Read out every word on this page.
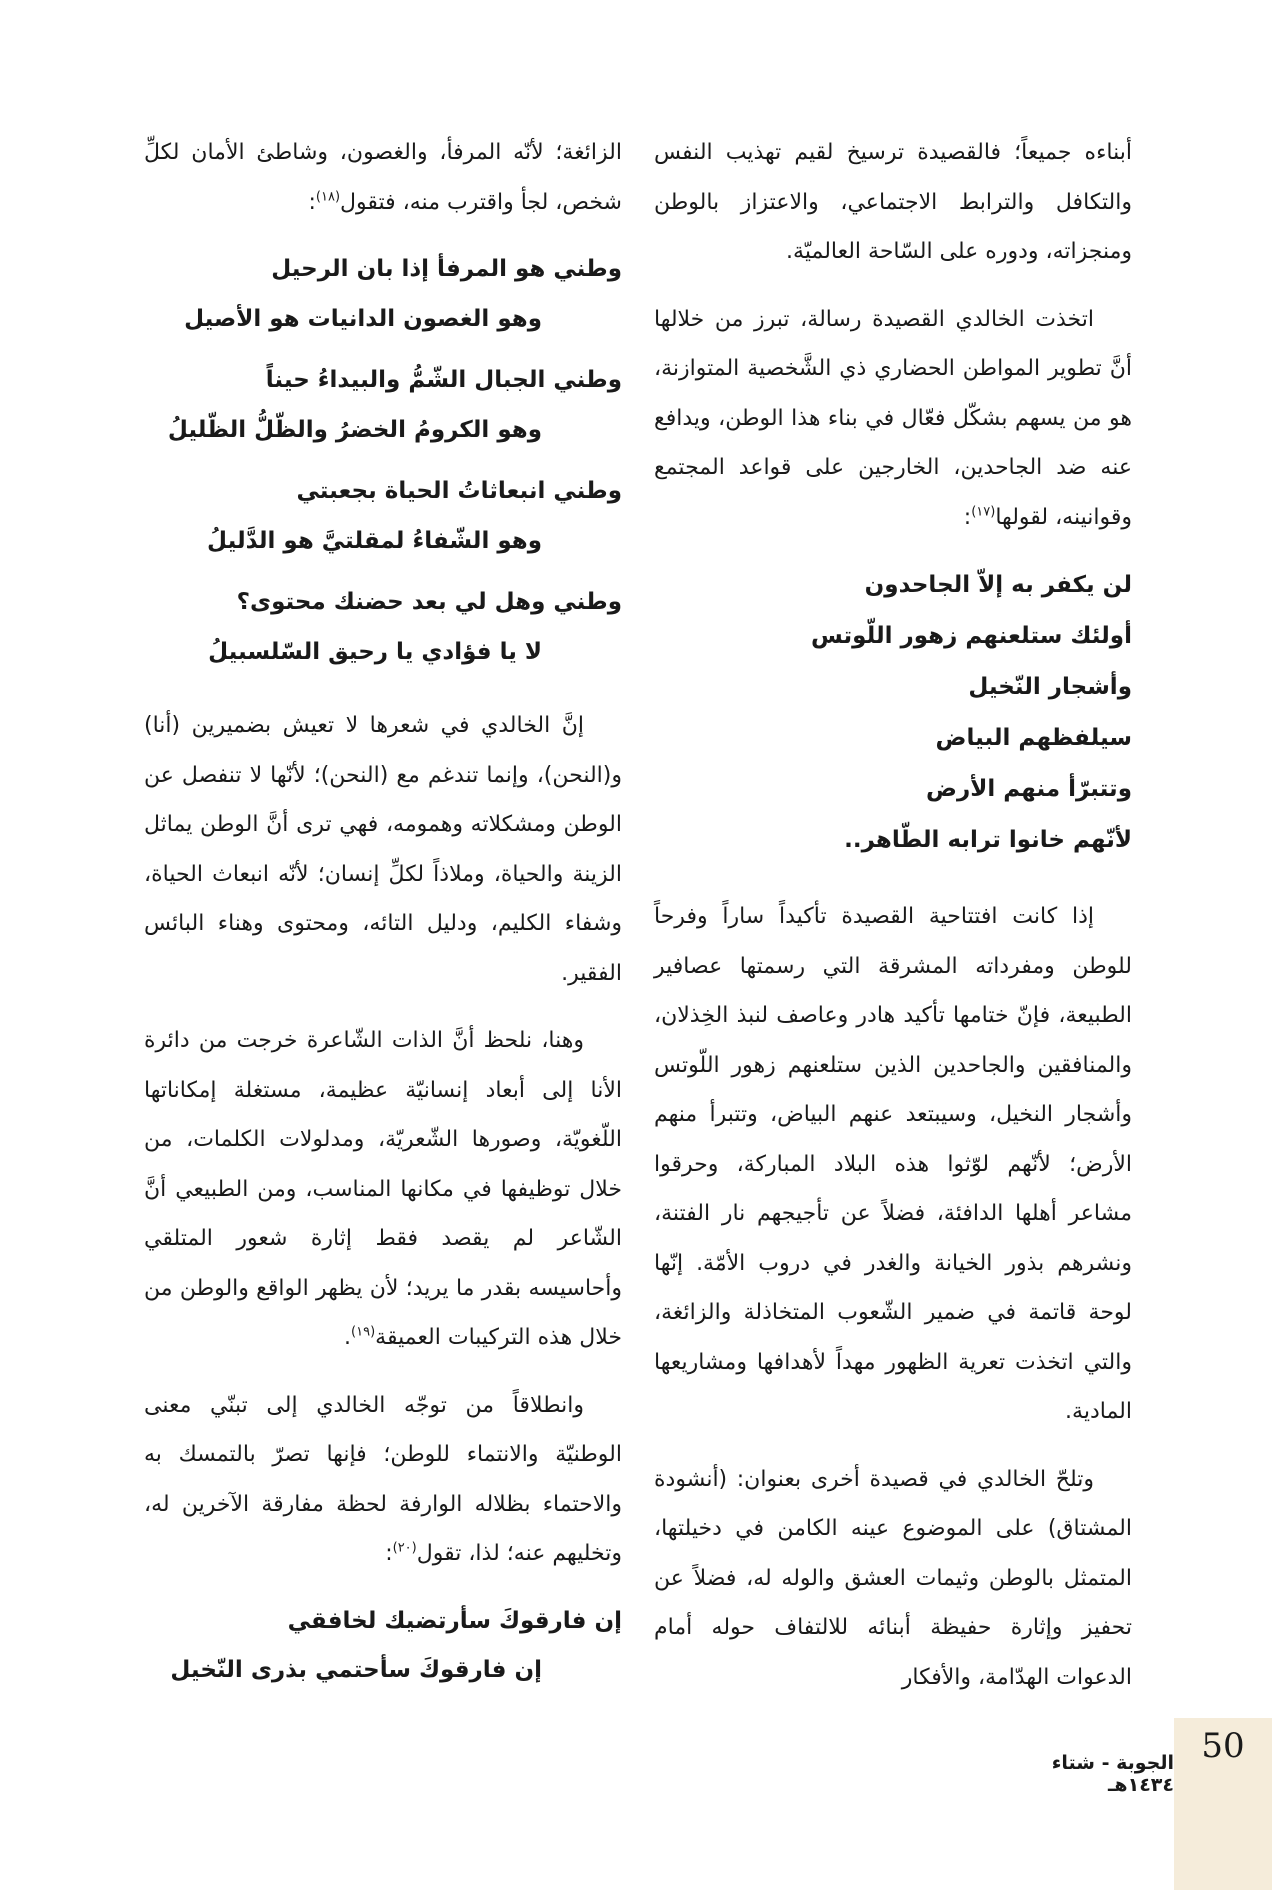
أبناءه جميعاً؛ فالقصيدة ترسيخ لقيم تهذيب النفس والتكافل والترابط الاجتماعي، والاعتزاز بالوطن ومنجزاته، ودوره على السّاحة العالميّة.

اتخذت الخالدي القصيدة رسالة، تبرز من خلالها أنَّ تطوير المواطن الحضاري ذي الشَّخصية المتوازنة، هو من يسهم بشكّل فعّال في بناء هذا الوطن، ويدافع عنه ضد الجاحدين، الخارجين على قواعد المجتمع وقوانينه، لقولها$^{(١٧)}$:

لن يكفر به إلاّ الجاحدون
أولئك ستلعنهم زهور اللّوتس
وأشجار النّخيل
سيلفظهم البياض
وتتبرّأ منهم الأرض
لأنّهم خانوا ترابه الطّاهر..

إذا كانت افتتاحية القصيدة تأكيداً ساراً وفرحاً للوطن ومفرداته المشرقة التي رسمتها عصافير الطبيعة، فإنّ ختامها تأكيد هادر وعاصف لنبذ الخِذلان، والمنافقين والجاحدين الذين ستلعنهم زهور اللّوتس وأشجار النخيل، وسيبتعد عنهم البياض، وتتبرأ منهم الأرض؛ لأنّهم لوّثوا هذه البلاد المباركة، وحرقوا مشاعر أهلها الدافئة، فضلاً عن تأجيجهم نار الفتنة، ونشرهم بذور الخيانة والغدر في دروب الأمّة. إنّها لوحة قاتمة في ضمير الشّعوب المتخاذلة والزائغة، والتي اتخذت تعرية الظهور مهداً لأهدافها ومشاريعها المادية.

وتلحّ الخالدي في قصيدة أخرى بعنوان: (أنشودة المشتاق) على الموضوع عينه الكامن في دخيلتها، المتمثل بالوطن وثيمات العشق والوله له، فضلاً عن تحفيز وإثارة حفيظة أبنائه للالتفاف حوله أمام الدعوات الهدّامة، والأفكار

الزائغة؛ لأنّه المرفأ، والغصون، وشاطئ الأمان لكلِّ شخص، لجأ واقترب منه، فتقول$^{(١٨)}$:

وطني هو المرفأ إذا بان الرحيل
وهو الغصون الدانيات هو الأصيل
وطني الجبال الشّمُّ والبيداءُ حيناً
وهو الكرومُ الخضرُ والظّلُّ الظّليلُ
وطني انبعاثاتُ الحياة بجعبتي
وهو الشّفاءُ لمقلتيَّ هو الدَّليلُ
وطني وهل لي بعد حضنك محتوى؟
لا يا فؤادي يا رحيق السّلسبيلُ

إنَّ الخالدي في شعرها لا تعيش بضميرين (أنا) و(النحن)، وإنما تندغم مع (النحن)؛ لأنّها لا تنفصل عن الوطن ومشكلاته وهمومه، فهي ترى أنَّ الوطن يماثل الزينة والحياة، وملاذاً لكلِّ إنسان؛ لأنّه انبعاث الحياة، وشفاء الكليم، ودليل التائه، ومحتوى وهناء البائس الفقير.

وهنا، نلحظ أنَّ الذات الشّاعرة خرجت من دائرة الأنا إلى أبعاد إنسانيّة عظيمة، مستغلة إمكاناتها اللّغويّة، وصورها الشّعريّة، ومدلولات الكلمات، من خلال توظيفها في مكانها المناسب، ومن الطبيعي أنَّ الشّاعر لم يقصد فقط إثارة شعور المتلقي وأحاسيسه بقدر ما يريد؛ لأن يظهر الواقع والوطن من خلال هذه التركيبات العميقة$^{(١٩)}$.

وانطلاقاً من توجّه الخالدي إلى تبنّي معنى الوطنيّة والانتماء للوطن؛ فإنها تصرّ بالتمسك به والاحتماء بظلاله الوارفة لحظة مفارقة الآخرين له، وتخليهم عنه؛ لذا، تقول$^{(٢٠)}$:

إن فارقوكَ سأرتضيك لخافقي
إن فارقوكَ سأحتمي بذرى النّخيل
50
الجوبة - شتاء ١٤٣٤هـ
